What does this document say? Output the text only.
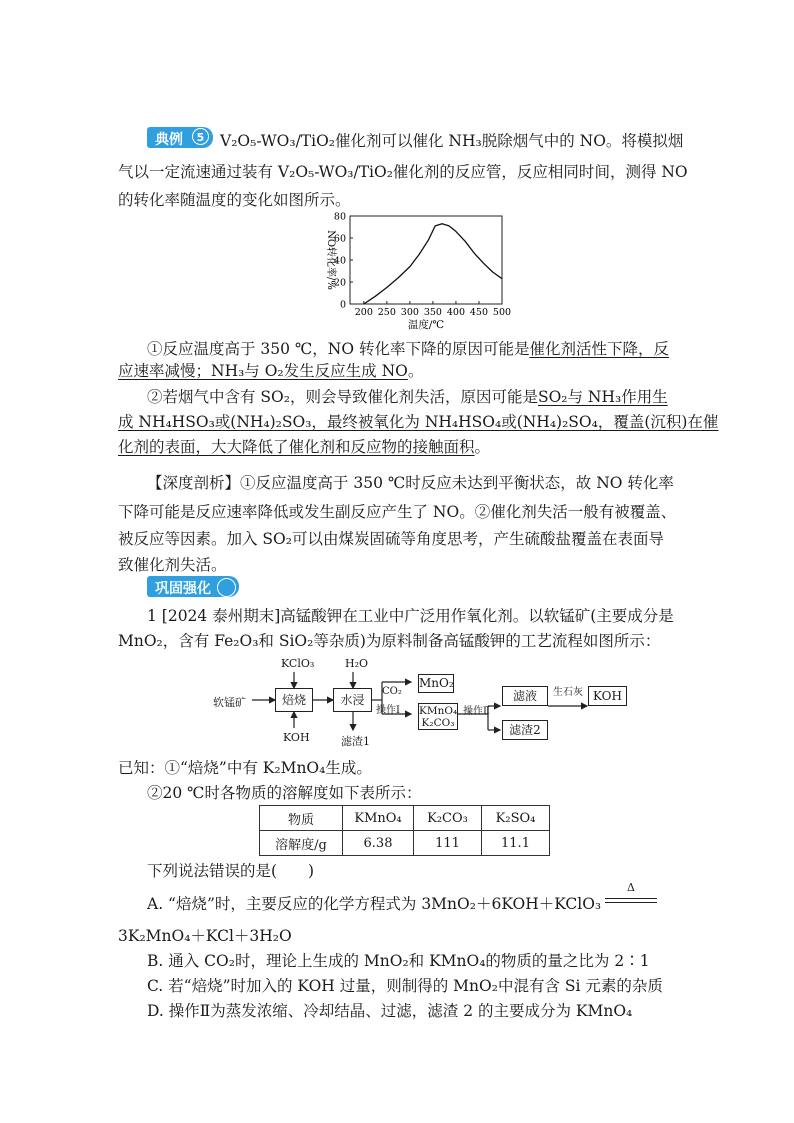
典例	5	V₂O₅-WO₃/TiO₂催化剂可以催化 NH₃脱除烟气中的 NO。将模拟烟
气以一定流速通过装有 V₂O₅-WO₃/TiO₂催化剂的反应管，反应相同时间，测得 NO
的转化率随温度的变化如图所示。
200 250 300 350 400 450 500
0
20
40
60
80
温度/℃
NO转化率/%
①反应温度高于 350 ℃，NO 转化率下降的原因可能是催化剂活性下降，反
应速率减慢；NH₃与 O₂发生反应生成 NO。
②若烟气中含有 SO₂，则会导致催化剂失活，原因可能是SO₂与 NH₃作用生
成 NH₄HSO₃或(NH₄)₂SO₃，最终被氧化为 NH₄HSO₄或(NH₄)₂SO₄，覆盖(沉积)在催
化剂的表面，大大降低了催化剂和反应物的接触面积。
【深度剖析】①反应温度高于 350 ℃时反应未达到平衡状态，故 NO 转化率
下降可能是反应速率降低或发生副反应产生了 NO。②催化剂失活一般有被覆盖、
被反应等因素。加入 SO₂可以由煤炭固硫等角度思考，产生硫酸盐覆盖在表面导
致催化剂失活。
巩固强化
1 [2024 泰州期末]高锰酸钾在工业中广泛用作氧化剂。以软锰矿(主要成分是
MnO₂，含有 Fe₂O₃和 SiO₂等杂质)为原料制备高锰酸钾的工艺流程如图所示：
软锰矿
KClO₃
焙烧
KOH
H₂O
水浸
滤渣1
CO₂
操作Ⅰ
MnO₂
KMnO₄
K₂CO₃
操作Ⅱ
滤液	生石灰 KOH
滤渣2
已知：①“焙烧”中有 K₂MnO₄生成。
②20 ℃时各物质的溶解度如下表所示：
物质	KMnO₄	K₂CO₃	K₂SO₄
溶解度/g	6.38	111	11.1
下列说法错误的是(　　)
A. “焙烧”时，主要反应的化学方程式为 3MnO₂＋6KOH＋KClO₃
Δ
3K₂MnO₄＋KCl＋3H₂O
B. 通入 CO₂时，理论上生成的 MnO₂和 KMnO₄的物质的量之比为 2∶1
C. 若“焙烧”时加入的 KOH 过量，则制得的 MnO₂中混有含 Si 元素的杂质
D. 操作Ⅱ为蒸发浓缩、冷却结晶、过滤，滤渣 2 的主要成分为 KMnO₄
